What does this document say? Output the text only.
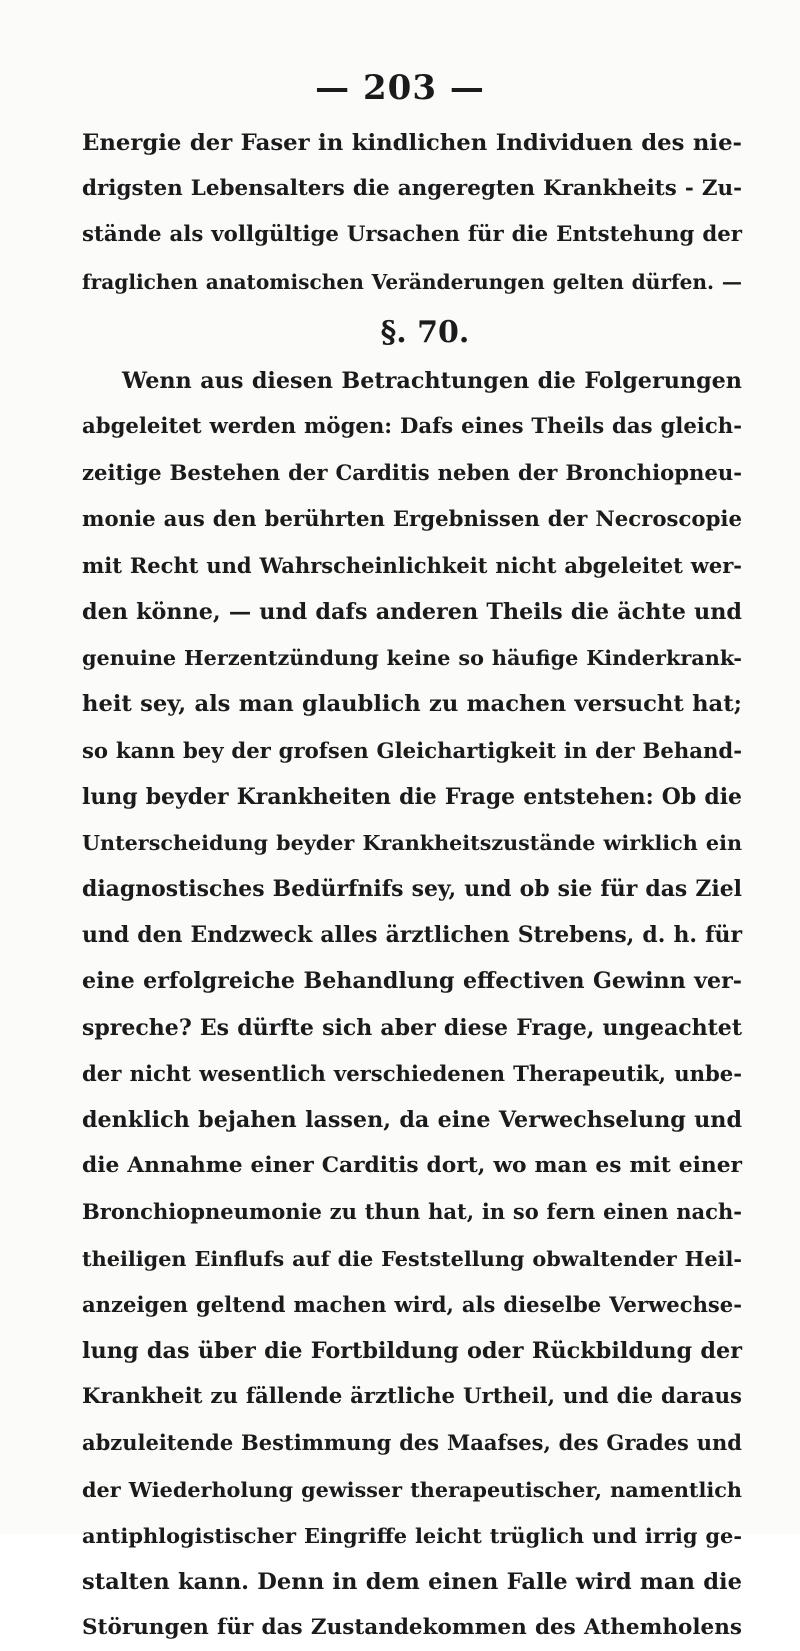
— 203 —
Energie der Faser in kindlichen Individuen des nie-
drigsten Lebensalters die angeregten Krankheits - Zu-
stände als vollgültige Ursachen für die Entstehung der
fraglichen anatomischen Veränderungen gelten dürfen. —
§. 70.
Wenn aus diesen Betrachtungen die Folgerungen
abgeleitet werden mögen: Dafs eines Theils das gleich-
zeitige Bestehen der Carditis neben der Bronchiopneu-
monie aus den berührten Ergebnissen der Necroscopie
mit Recht und Wahrscheinlichkeit nicht abgeleitet wer-
den könne, — und dafs anderen Theils die ächte und
genuine Herzentzündung keine so häufige Kinderkrank-
heit sey, als man glaublich zu machen versucht hat;
so kann bey der grofsen Gleichartigkeit in der Behand-
lung beyder Krankheiten die Frage entstehen: Ob die
Unterscheidung beyder Krankheitszustände wirklich ein
diagnostisches Bedürfnifs sey, und ob sie für das Ziel
und den Endzweck alles ärztlichen Strebens, d. h. für
eine erfolgreiche Behandlung effectiven Gewinn ver-
spreche? Es dürfte sich aber diese Frage, ungeachtet
der nicht wesentlich verschiedenen Therapeutik, unbe-
denklich bejahen lassen, da eine Verwechselung und
die Annahme einer Carditis dort, wo man es mit einer
Bronchiopneumonie zu thun hat, in so fern einen nach-
theiligen Einflufs auf die Feststellung obwaltender Heil-
anzeigen geltend machen wird, als dieselbe Verwechse-
lung das über die Fortbildung oder Rückbildung der
Krankheit zu fällende ärztliche Urtheil, und die daraus
abzuleitende Bestimmung des Maafses, des Grades und
der Wiederholung gewisser therapeutischer, namentlich
antiphlogistischer Eingriffe leicht trüglich und irrig ge-
stalten kann. Denn in dem einen Falle wird man die
Störungen für das Zustandekommen des Athemholens
